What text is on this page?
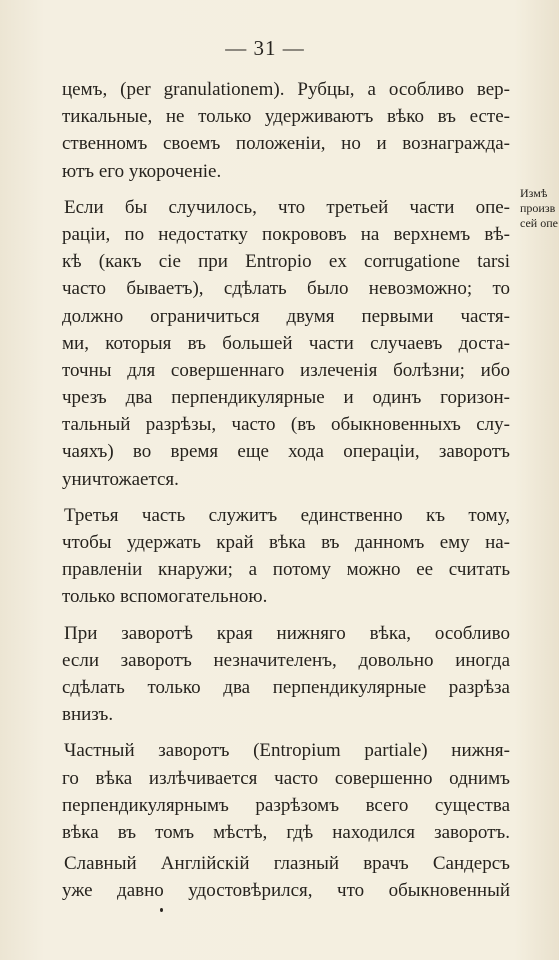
— 31 —
цемъ, (per granulationem). Рубцы, а особливо вер-
тикальные, не только удерживаютъ вѣко въ есте-
ственномъ своемъ положенiи, но и вознагражда-
ютъ его укороченiе.
Если бы случилось, что третьей части опе-
рацiи, по недостатку покрововъ на верхнемъ вѣ-
кѣ (какъ сiе при Entropio ex corrugatione tarsi
часто бываетъ), сдѣлать было невозможно; то
должно ограничиться двумя первыми частя-
ми, которыя въ большей части случаевъ доста-
точны для совершеннаго излеченiя болѣзни; ибо
чрезъ два перпендикулярные и одинъ горизон-
тальный разрѣзы, часто (въ обыкновенныхъ слу-
чаяхъ) во время еще хода операцiи, заворотъ
уничтожается.
Третья часть служитъ единственно къ тому,
чтобы удержать край вѣка въ данномъ ему на-
правленiи кнаружи; а потому можно ее считать
только вспомогательною.
При заворотѣ края нижняго вѣка, особливо
если заворотъ незначителенъ, довольно иногда
сдѣлать только два перпендикулярные разрѣза
внизъ.
Частный заворотъ (Entropium partiale) нижня-
го вѣка излѣчивается часто совершенно однимъ
перпендикулярнымъ разрѣзомъ всего существа
вѣка въ томъ мѣстѣ, гдѣ находился заворотъ.
Славный Англiйскiй глазный врачъ Сандерсъ
уже давно удостовѣрился, что обыкновенный
Измѣ
произв
сей опе
